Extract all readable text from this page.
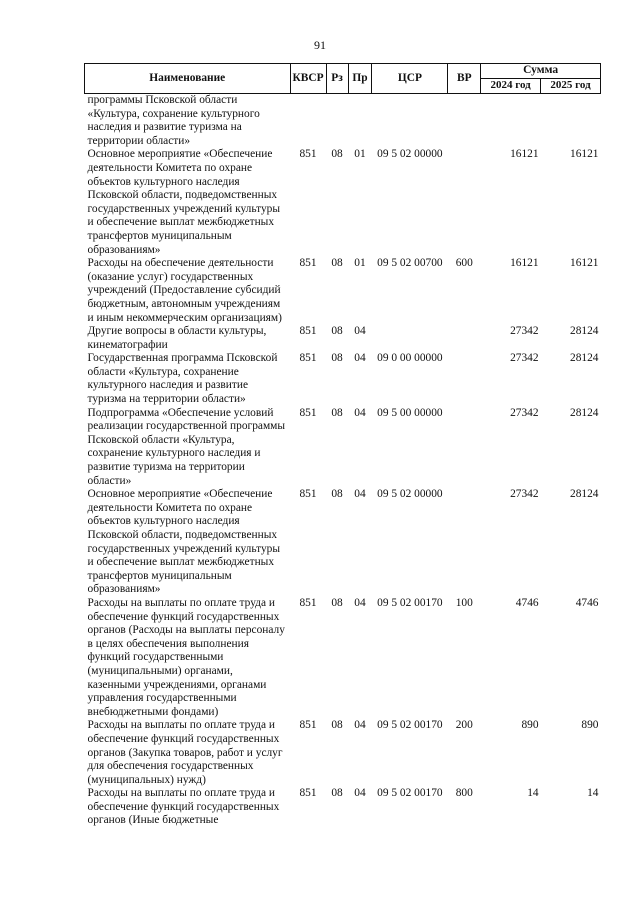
91
Наименование	КВСР	Рз	Пр	ЦСР	ВР	Сумма	
						2024 год	2025 год
программы Псковской области «Культура, сохранение культурного наследия и развитие туризма на территории области»							
Основное мероприятие «Обеспечение деятельности Комитета по охране объектов культурного наследия Псковской области, подведомственных государственных учреждений культуры и обеспечение выплат межбюджетных трансфертов муниципальным образованиям»	851	08	01	09 5 02 00000		16121	16121
Расходы на обеспечение деятельности (оказание услуг) государственных учреждений (Предоставление субсидий бюджетным, автономным учреждениям и иным некоммерческим организациям)	851	08	01	09 5 02 00700	600	16121	16121
Другие вопросы в области культуры, кинематографии	851	08	04			27342	28124
Государственная программа Псковской области «Культура, сохранение культурного наследия и развитие туризма на территории области»	851	08	04	09 0 00 00000		27342	28124
Подпрограмма «Обеспечение условий реализации государственной программы Псковской области «Культура, сохранение культурного наследия и развитие туризма на территории области»	851	08	04	09 5 00 00000		27342	28124
Основное мероприятие «Обеспечение деятельности Комитета по охране объектов культурного наследия Псковской области, подведомственных государственных учреждений культуры и обеспечение выплат межбюджетных трансфертов муниципальным образованиям»	851	08	04	09 5 02 00000		27342	28124
Расходы на выплаты по оплате труда и обеспечение функций государственных органов (Расходы на выплаты персоналу в целях обеспечения выполнения функций государственными (муниципальными) органами, казенными учреждениями, органами управления государственными внебюджетными фондами)	851	08	04	09 5 02 00170	100	4746	4746
Расходы на выплаты по оплате труда и обеспечение функций государственных органов (Закупка товаров, работ и услуг для обеспечения государственных (муниципальных) нужд)	851	08	04	09 5 02 00170	200	890	890
Расходы на выплаты по оплате труда и обеспечение функций государственных органов (Иные бюджетные	851	08	04	09 5 02 00170	800	14	14
